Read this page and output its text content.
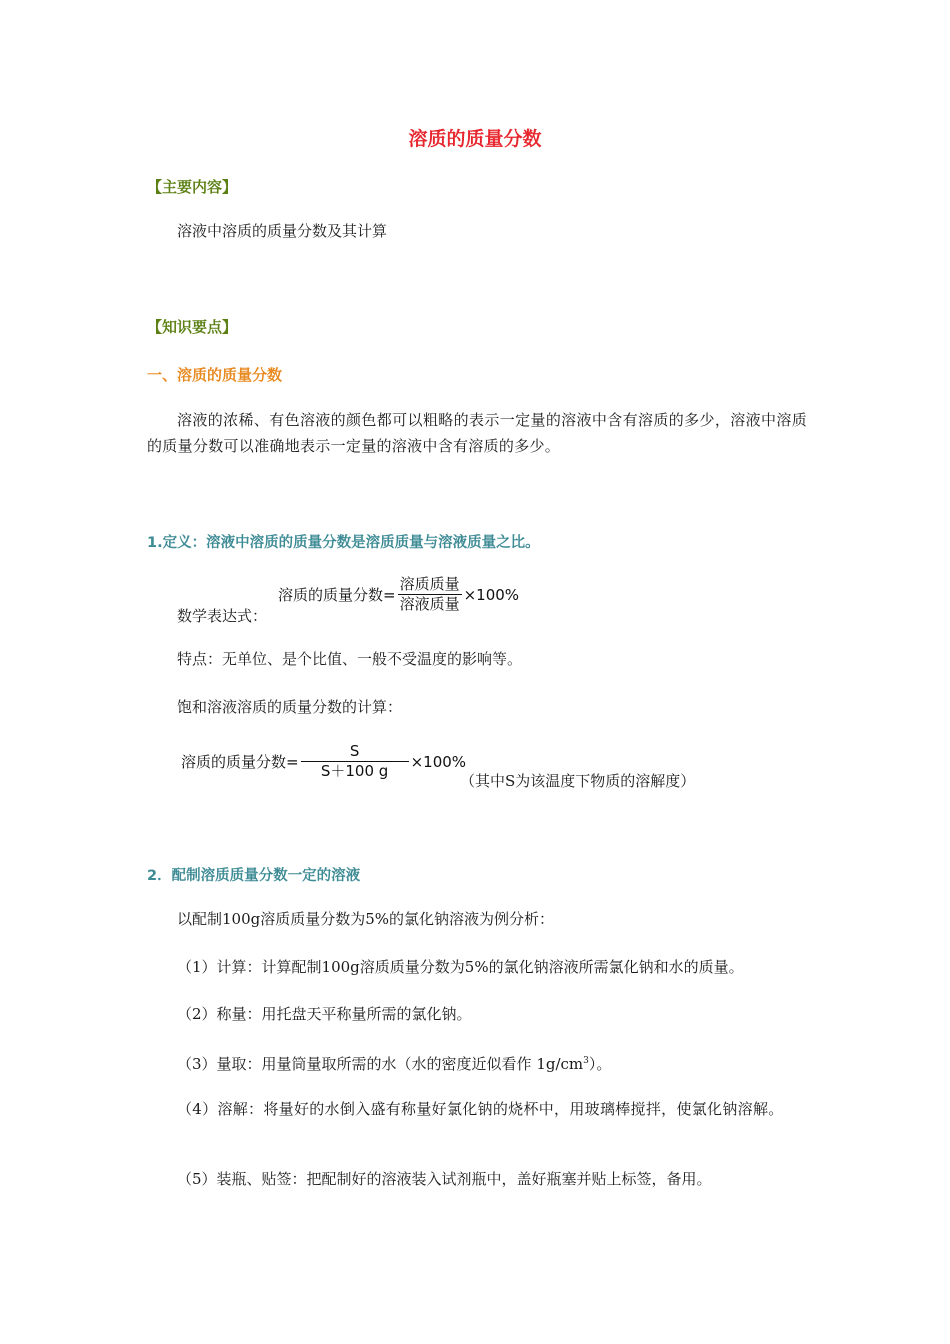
溶质的质量分数
【主要内容】
溶液中溶质的质量分数及其计算
【知识要点】
一、溶质的质量分数
溶液的浓稀、有色溶液的颜色都可以粗略的表示一定量的溶液中含有溶质的多少，溶液中溶质的质量分数可以准确地表示一定量的溶液中含有溶质的多少。
1.定义：溶液中溶质的质量分数是溶质质量与溶液质量之比。
数学表达式：
溶质的质量分数= $\frac{\text{溶质质量}}{\text{溶液质量}} \times 100\%$
特点：无单位、是个比值、一般不受温度的影响等。
饱和溶液溶质的质量分数的计算：
溶质的质量分数= $\frac{S}{S+100 g} \times 100\%$
（其中S为该温度下物质的溶解度）
2．配制溶质质量分数一定的溶液
以配制100g溶质质量分数为5%的氯化钠溶液为例分析：
（1）计算：计算配制100g溶质质量分数为5%的氯化钠溶液所需氯化钠和水的质量。
（2）称量：用托盘天平称量所需的氯化钠。
（3）量取：用量筒量取所需的水（水的密度近似看作 $1g/cm^3$）。
（4）溶解：将量好的水倒入盛有称量好氯化钠的烧杯中，用玻璃棒搅拌，使氯化钠溶解。
（5）装瓶、贴签：把配制好的溶液装入试剂瓶中，盖好瓶塞并贴上标签，备用。
